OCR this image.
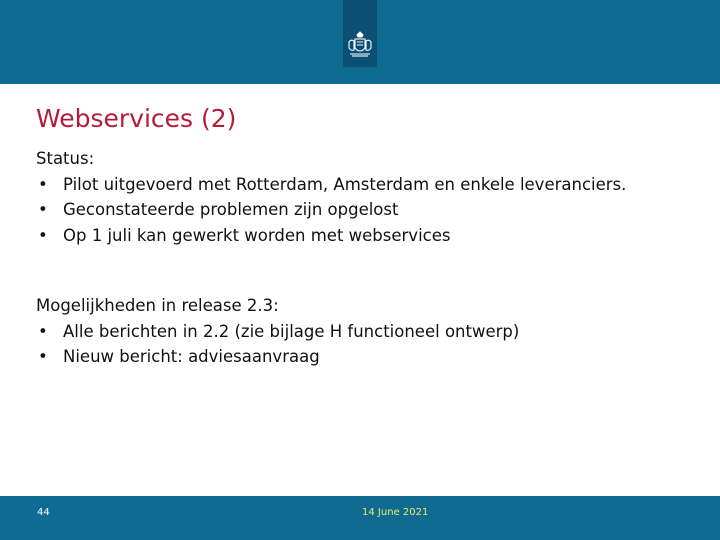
Webservices (2)

Status:

• Pilot uitgevoerd met Rotterdam, Amsterdam en enkele leveranciers.
• Geconstateerde problemen zijn opgelost
• Op 1 juli kan gewerkt worden met webservices

Mogelijkheden in release 2.3:

• Alle berichten in 2.2 (zie bijlage H functioneel ontwerp)
• Nieuw bericht: adviesaanvraag
44	14 June 2021
